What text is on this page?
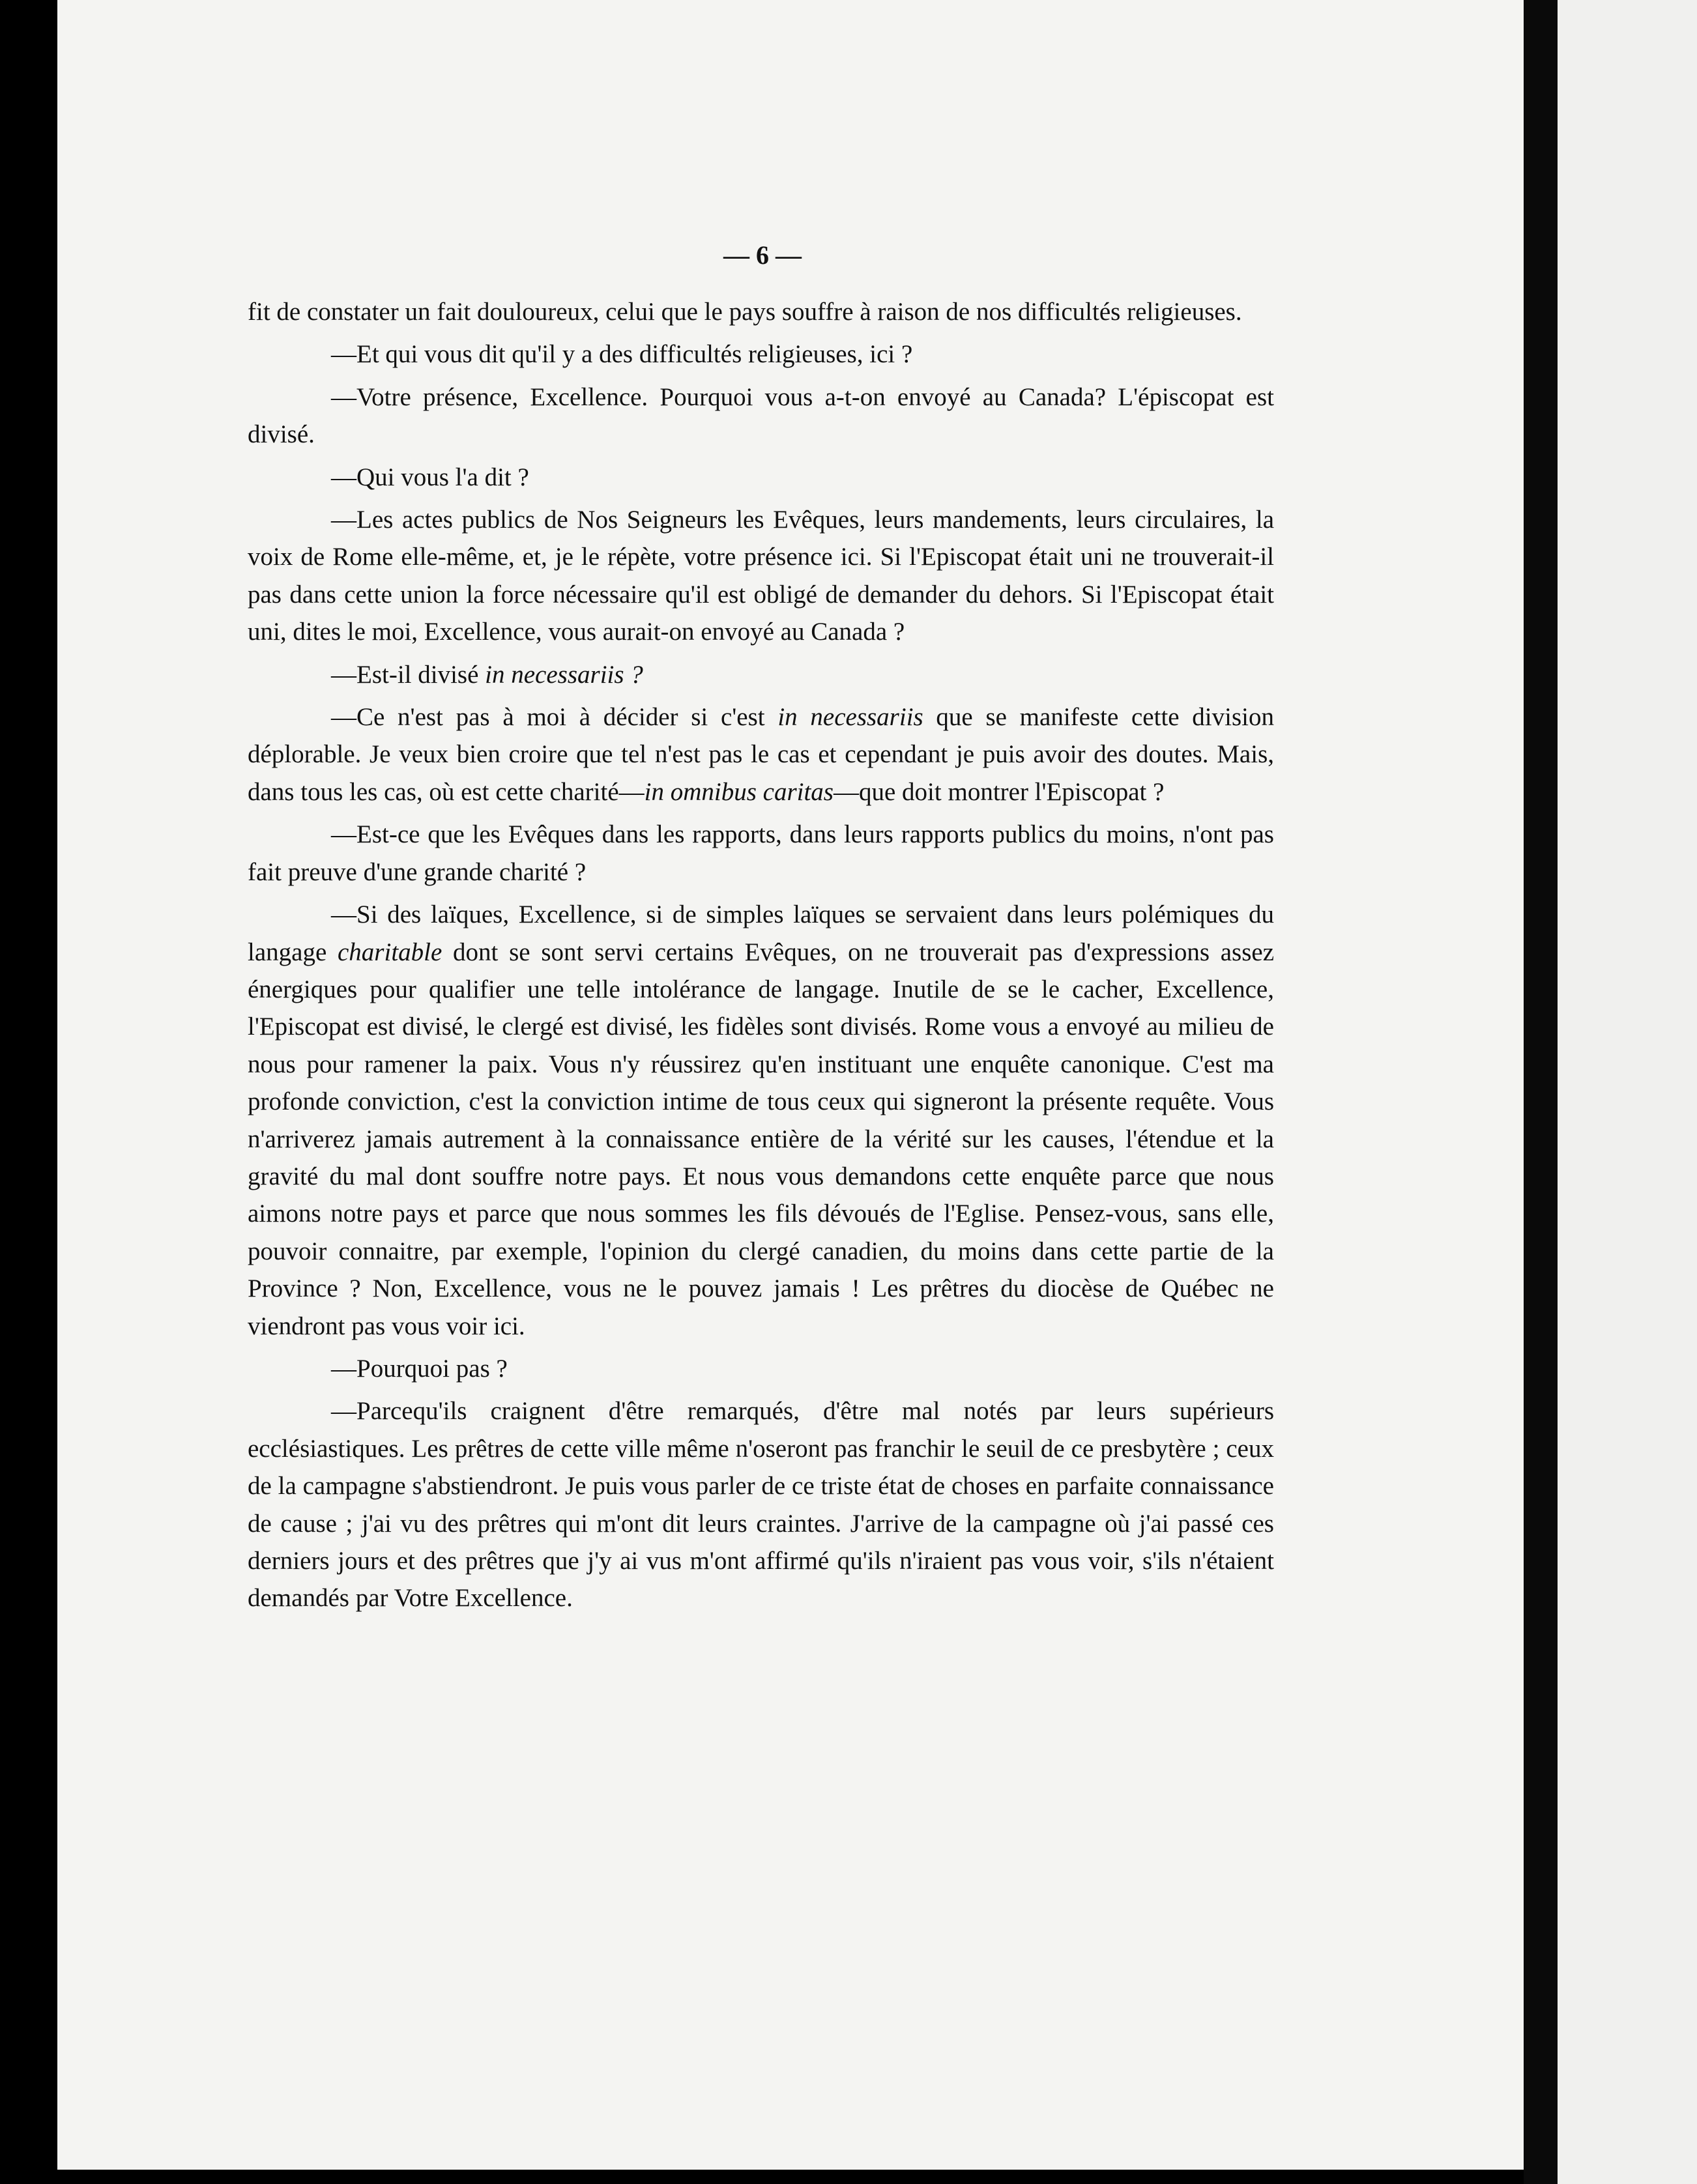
— 6 —

fit de constater un fait douloureux, celui que le pays souffre à raison de nos difficultés religieuses.

—Et qui vous dit qu'il y a des difficultés religieuses, ici ?

—Votre présence, Excellence. Pourquoi vous a-t-on envoyé au Canada? L'épiscopat est divisé.

—Qui vous l'a dit ?

—Les actes publics de Nos Seigneurs les Evêques, leurs mandements, leurs circulaires, la voix de Rome elle-même, et, je le répète, votre présence ici. Si l'Episcopat était uni ne trouverait-il pas dans cette union la force nécessaire qu'il est obligé de demander du dehors. Si l'Episcopat était uni, dites le moi, Excellence, vous aurait-on envoyé au Canada ?

—Est-il divisé in necessariis ?

—Ce n'est pas à moi à décider si c'est in necessariis que se manifeste cette division déplorable. Je veux bien croire que tel n'est pas le cas et cependant je puis avoir des doutes. Mais, dans tous les cas, où est cette charité—in omnibus caritas—que doit montrer l'Episcopat ?

—Est-ce que les Evêques dans les rapports, dans leurs rapports publics du moins, n'ont pas fait preuve d'une grande charité ?

—Si des laïques, Excellence, si de simples laïques se servaient dans leurs polémiques du langage charitable dont se sont servi certains Evêques, on ne trouverait pas d'expressions assez énergiques pour qualifier une telle intolérance de langage. Inutile de se le cacher, Excellence, l'Episcopat est divisé, le clergé est divisé, les fidèles sont divisés. Rome vous a envoyé au milieu de nous pour ramener la paix. Vous n'y réussirez qu'en instituant une enquête canonique. C'est ma profonde conviction, c'est la conviction intime de tous ceux qui signeront la présente requête. Vous n'arriverez jamais autrement à la connaissance entière de la vérité sur les causes, l'étendue et la gravité du mal dont souffre notre pays. Et nous vous demandons cette enquête parce que nous aimons notre pays et parce que nous sommes les fils dévoués de l'Eglise. Pensez-vous, sans elle, pouvoir connaitre, par exemple, l'opinion du clergé canadien, du moins dans cette partie de la Province ? Non, Excellence, vous ne le pouvez jamais ! Les prêtres du diocèse de Québec ne viendront pas vous voir ici.

—Pourquoi pas ?

—Parcequ'ils craignent d'être remarqués, d'être mal notés par leurs supérieurs ecclésiastiques. Les prêtres de cette ville même n'oseront pas franchir le seuil de ce presbytère ; ceux de la campagne s'abstiendront. Je puis vous parler de ce triste état de choses en parfaite connaissance de cause ; j'ai vu des prêtres qui m'ont dit leurs craintes. J'arrive de la campagne où j'ai passé ces derniers jours et des prêtres que j'y ai vus m'ont affirmé qu'ils n'iraient pas vous voir, s'ils n'étaient demandés par Votre Excellence.
